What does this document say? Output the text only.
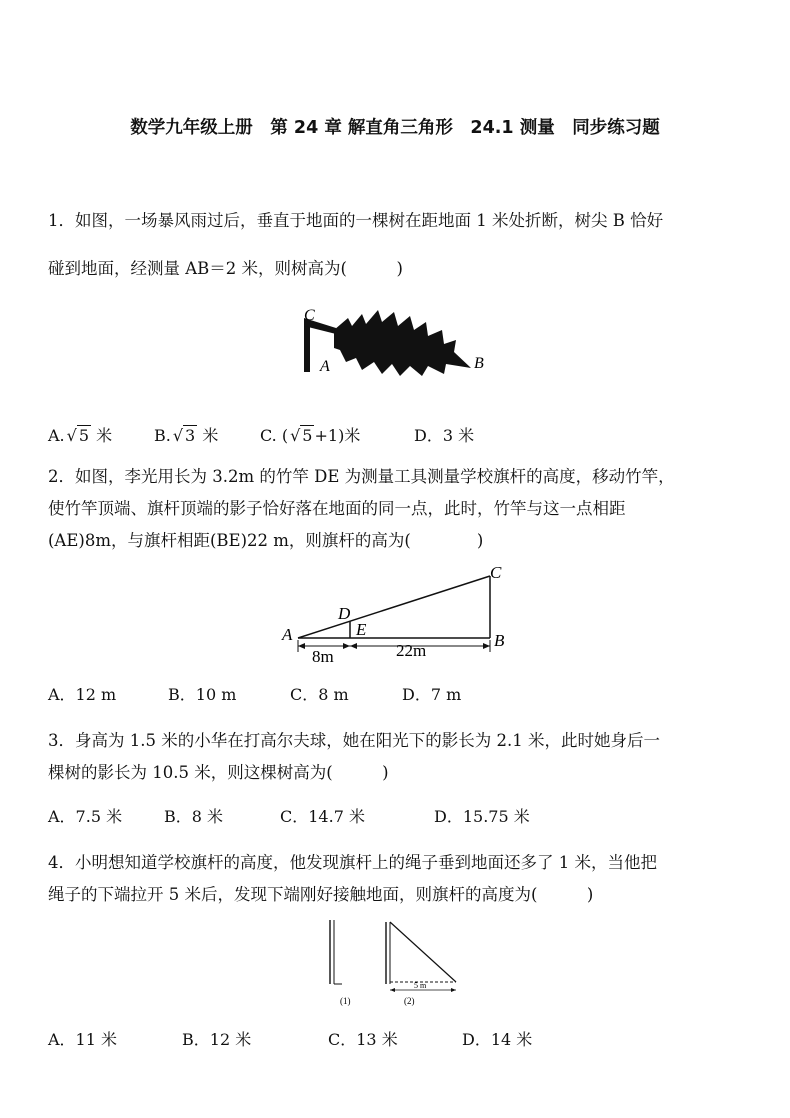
数学九年级上册　第 24 章 解直角三角形　24.1 测量　同步练习题
1．如图，一场暴风雨过后，垂直于地面的一棵树在距地面 1 米处折断，树尖 B 恰好
碰到地面，经测量 AB＝2 米，则树高为(　　　)
C
A	B
A. √ 5 米	B. √ 3 米	C. ( √ 5 +1)米	D．3 米
2．如图，李光用长为 3.2m 的竹竿 DE 为测量工具测量学校旗杆的高度，移动竹竿，
使竹竿顶端、旗杆顶端的影子恰好落在地面的同一点，此时，竹竿与这一点相距
(AE)8m，与旗杆相距(BE)22 m，则旗杆的高为(　　　　)
A	B
C
D
E
8m	22m
A．12 m	B．10 m	C．8 m	D．7 m
3．身高为 1.5 米的小华在打高尔夫球，她在阳光下的影长为 2.1 米，此时她身后一
棵树的影长为 10.5 米，则这棵树高为(　　　)
A．7.5 米	B．8 米	C．14.7 米	D．15.75 米
4．小明想知道学校旗杆的高度，他发现旗杆上的绳子垂到地面还多了 1 米，当他把
绳子的下端拉开 5 米后，发现下端刚好接触地面，则旗杆的高度为(　　　)
5 m
(1)	(2)
A．11 米	B．12 米	C．13 米	D．14 米
